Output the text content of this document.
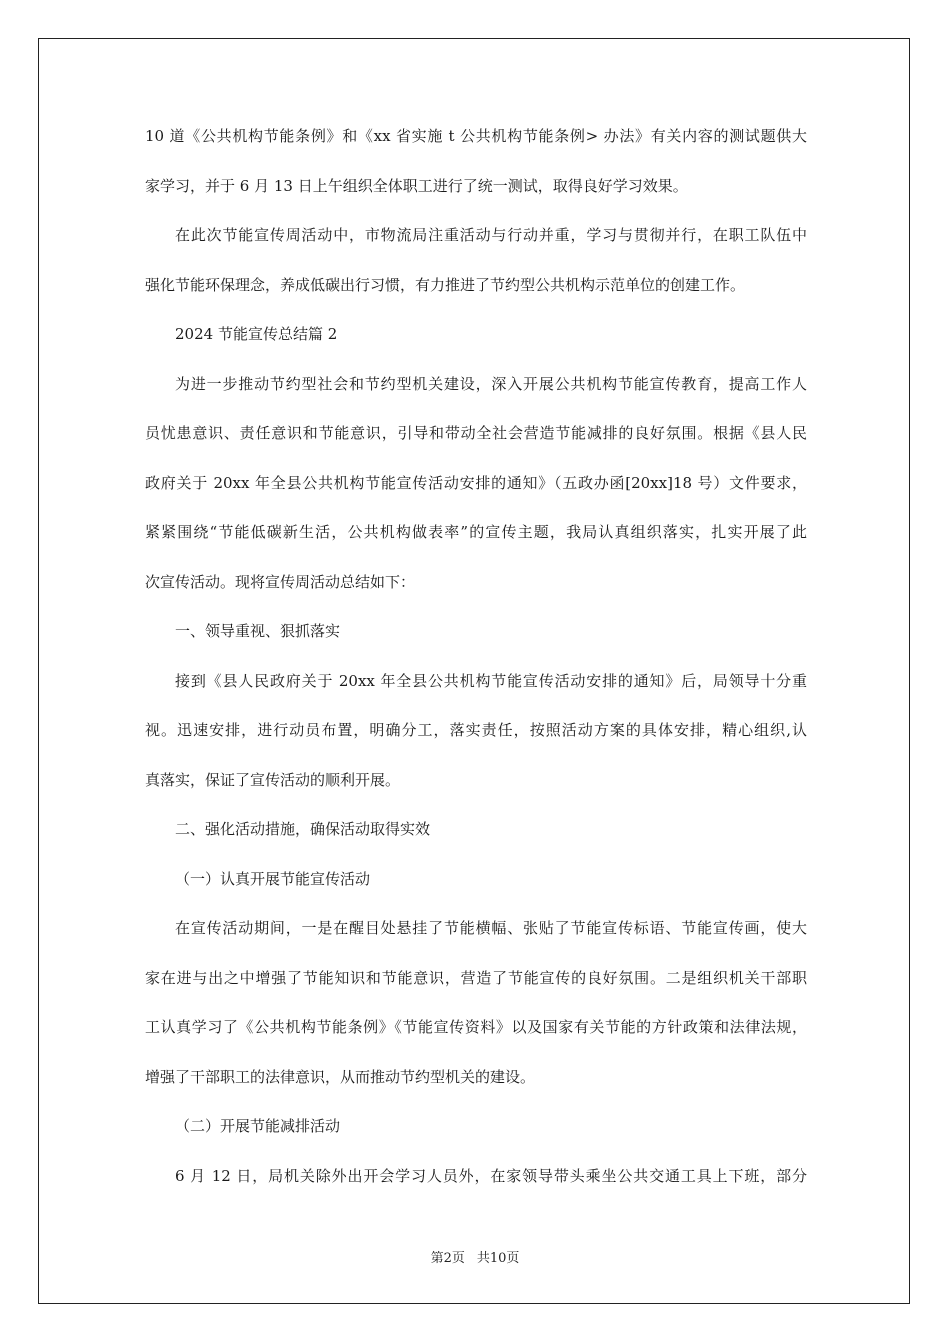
10 道《公共机构节能条例》和《xx 省实施 t 公共机构节能条例> 办法》有关内容的测试题供大
家学习，并于 6 月 13 日上午组织全体职工进行了统一测试，取得良好学习效果。
在此次节能宣传周活动中，市物流局注重活动与行动并重，学习与贯彻并行，在职工队伍中
强化节能环保理念，养成低碳出行习惯，有力推进了节约型公共机构示范单位的创建工作。
2024 节能宣传总结篇 2
为进一步推动节约型社会和节约型机关建设，深入开展公共机构节能宣传教育，提高工作人
员忧患意识、责任意识和节能意识，引导和带动全社会营造节能减排的良好氛围。根据《县人民
政府关于 20xx 年全县公共机构节能宣传活动安排的通知》（五政办函[20xx]18 号）文件要求，
紧紧围绕“节能低碳新生活，公共机构做表率”的宣传主题，我局认真组织落实，扎实开展了此
次宣传活动。现将宣传周活动总结如下：
一、领导重视、狠抓落实
接到《县人民政府关于 20xx 年全县公共机构节能宣传活动安排的通知》后，局领导十分重
视。迅速安排，进行动员布置，明确分工，落实责任，按照活动方案的具体安排，精心组织,认
真落实，保证了宣传活动的顺利开展。
二、强化活动措施，确保活动取得实效
（一）认真开展节能宣传活动
在宣传活动期间，一是在醒目处悬挂了节能横幅、张贴了节能宣传标语、节能宣传画，使大
家在进与出之中增强了节能知识和节能意识，营造了节能宣传的良好氛围。二是组织机关干部职
工认真学习了《公共机构节能条例》《节能宣传资料》以及国家有关节能的方针政策和法律法规，
增强了干部职工的法律意识，从而推动节约型机关的建设。
（二）开展节能减排活动
6 月 12 日，局机关除外出开会学习人员外，在家领导带头乘坐公共交通工具上下班，部分
第2页 共10页
